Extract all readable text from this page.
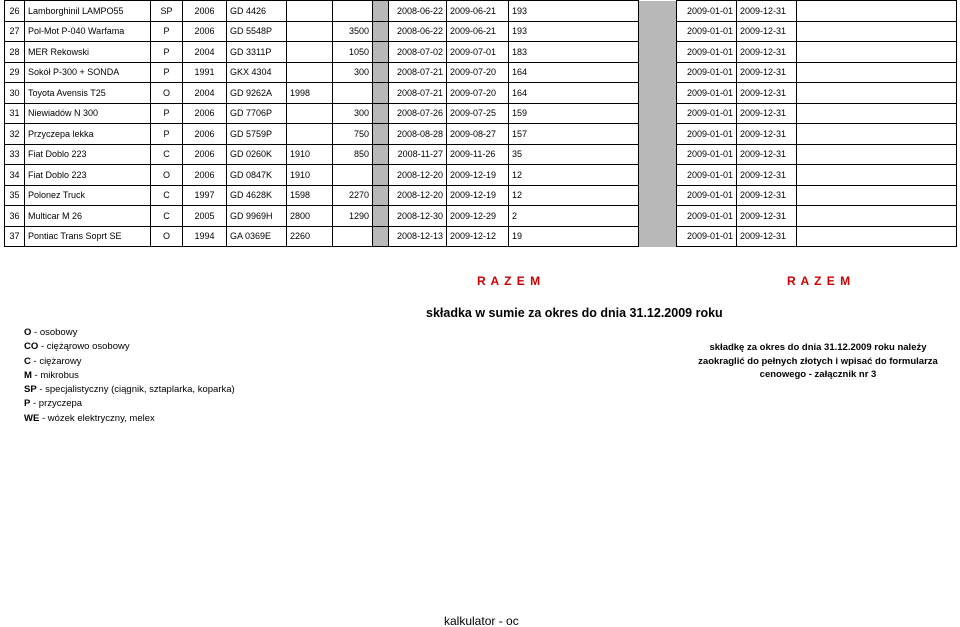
26	Lamborghinil LAMPO55	SP	2006	GD 4426				2008-06-22	2009-06-21	193		2009-01-01	2009-12-31	
27	Pol-Mot P-040 Warfama	P	2006	GD 5548P		3500		2008-06-22	2009-06-21	193		2009-01-01	2009-12-31	
28	MER Rekowski	P	2004	GD 3311P		1050		2008-07-02	2009-07-01	183		2009-01-01	2009-12-31	
29	Sokół P-300 + SONDA	P	1991	GKX 4304		300		2008-07-21	2009-07-20	164		2009-01-01	2009-12-31	
30	Toyota Avensis T25	O	2004	GD 9262A	1998			2008-07-21	2009-07-20	164		2009-01-01	2009-12-31	
31	Niewiadów N 300	P	2006	GD 7706P		300		2008-07-26	2009-07-25	159		2009-01-01	2009-12-31	
32	Przyczepa lekka	P	2006	GD 5759P		750		2008-08-28	2009-08-27	157		2009-01-01	2009-12-31	
33	Fiat Doblo 223	C	2006	GD 0260K	1910	850		2008-11-27	2009-11-26	35		2009-01-01	2009-12-31	
34	Fiat Doblo 223	O	2006	GD 0847K	1910			2008-12-20	2009-12-19	12		2009-01-01	2009-12-31	
35	Polonez Truck	C	1997	GD 4628K	1598	2270		2008-12-20	2009-12-19	12		2009-01-01	2009-12-31	
36	Multicar M 26	C	2005	GD 9969H	2800	1290		2008-12-30	2009-12-29	2		2009-01-01	2009-12-31	
37	Pontiac Trans Soprt SE	O	1994	GA 0369E	2260			2008-12-13	2009-12-12	19		2009-01-01	2009-12-31	
R A Z E M	R A Z E M
składka w sumie za okres do dnia 31.12.2009 roku
O - osobowy
CO - ciężąrowo osobowy
C - ciężarowy
M - mikrobus
SP - specjalistyczny (ciągnik, sztaplarka, koparka)
P - przyczepa
WE - wózek elektryczny, melex
składkę za okres do dnia 31.12.2009 roku należy
zaokraglić do pełnych złotych i wpisać do formularza
cenowego - załącznik nr 3
kalkulator - oc
